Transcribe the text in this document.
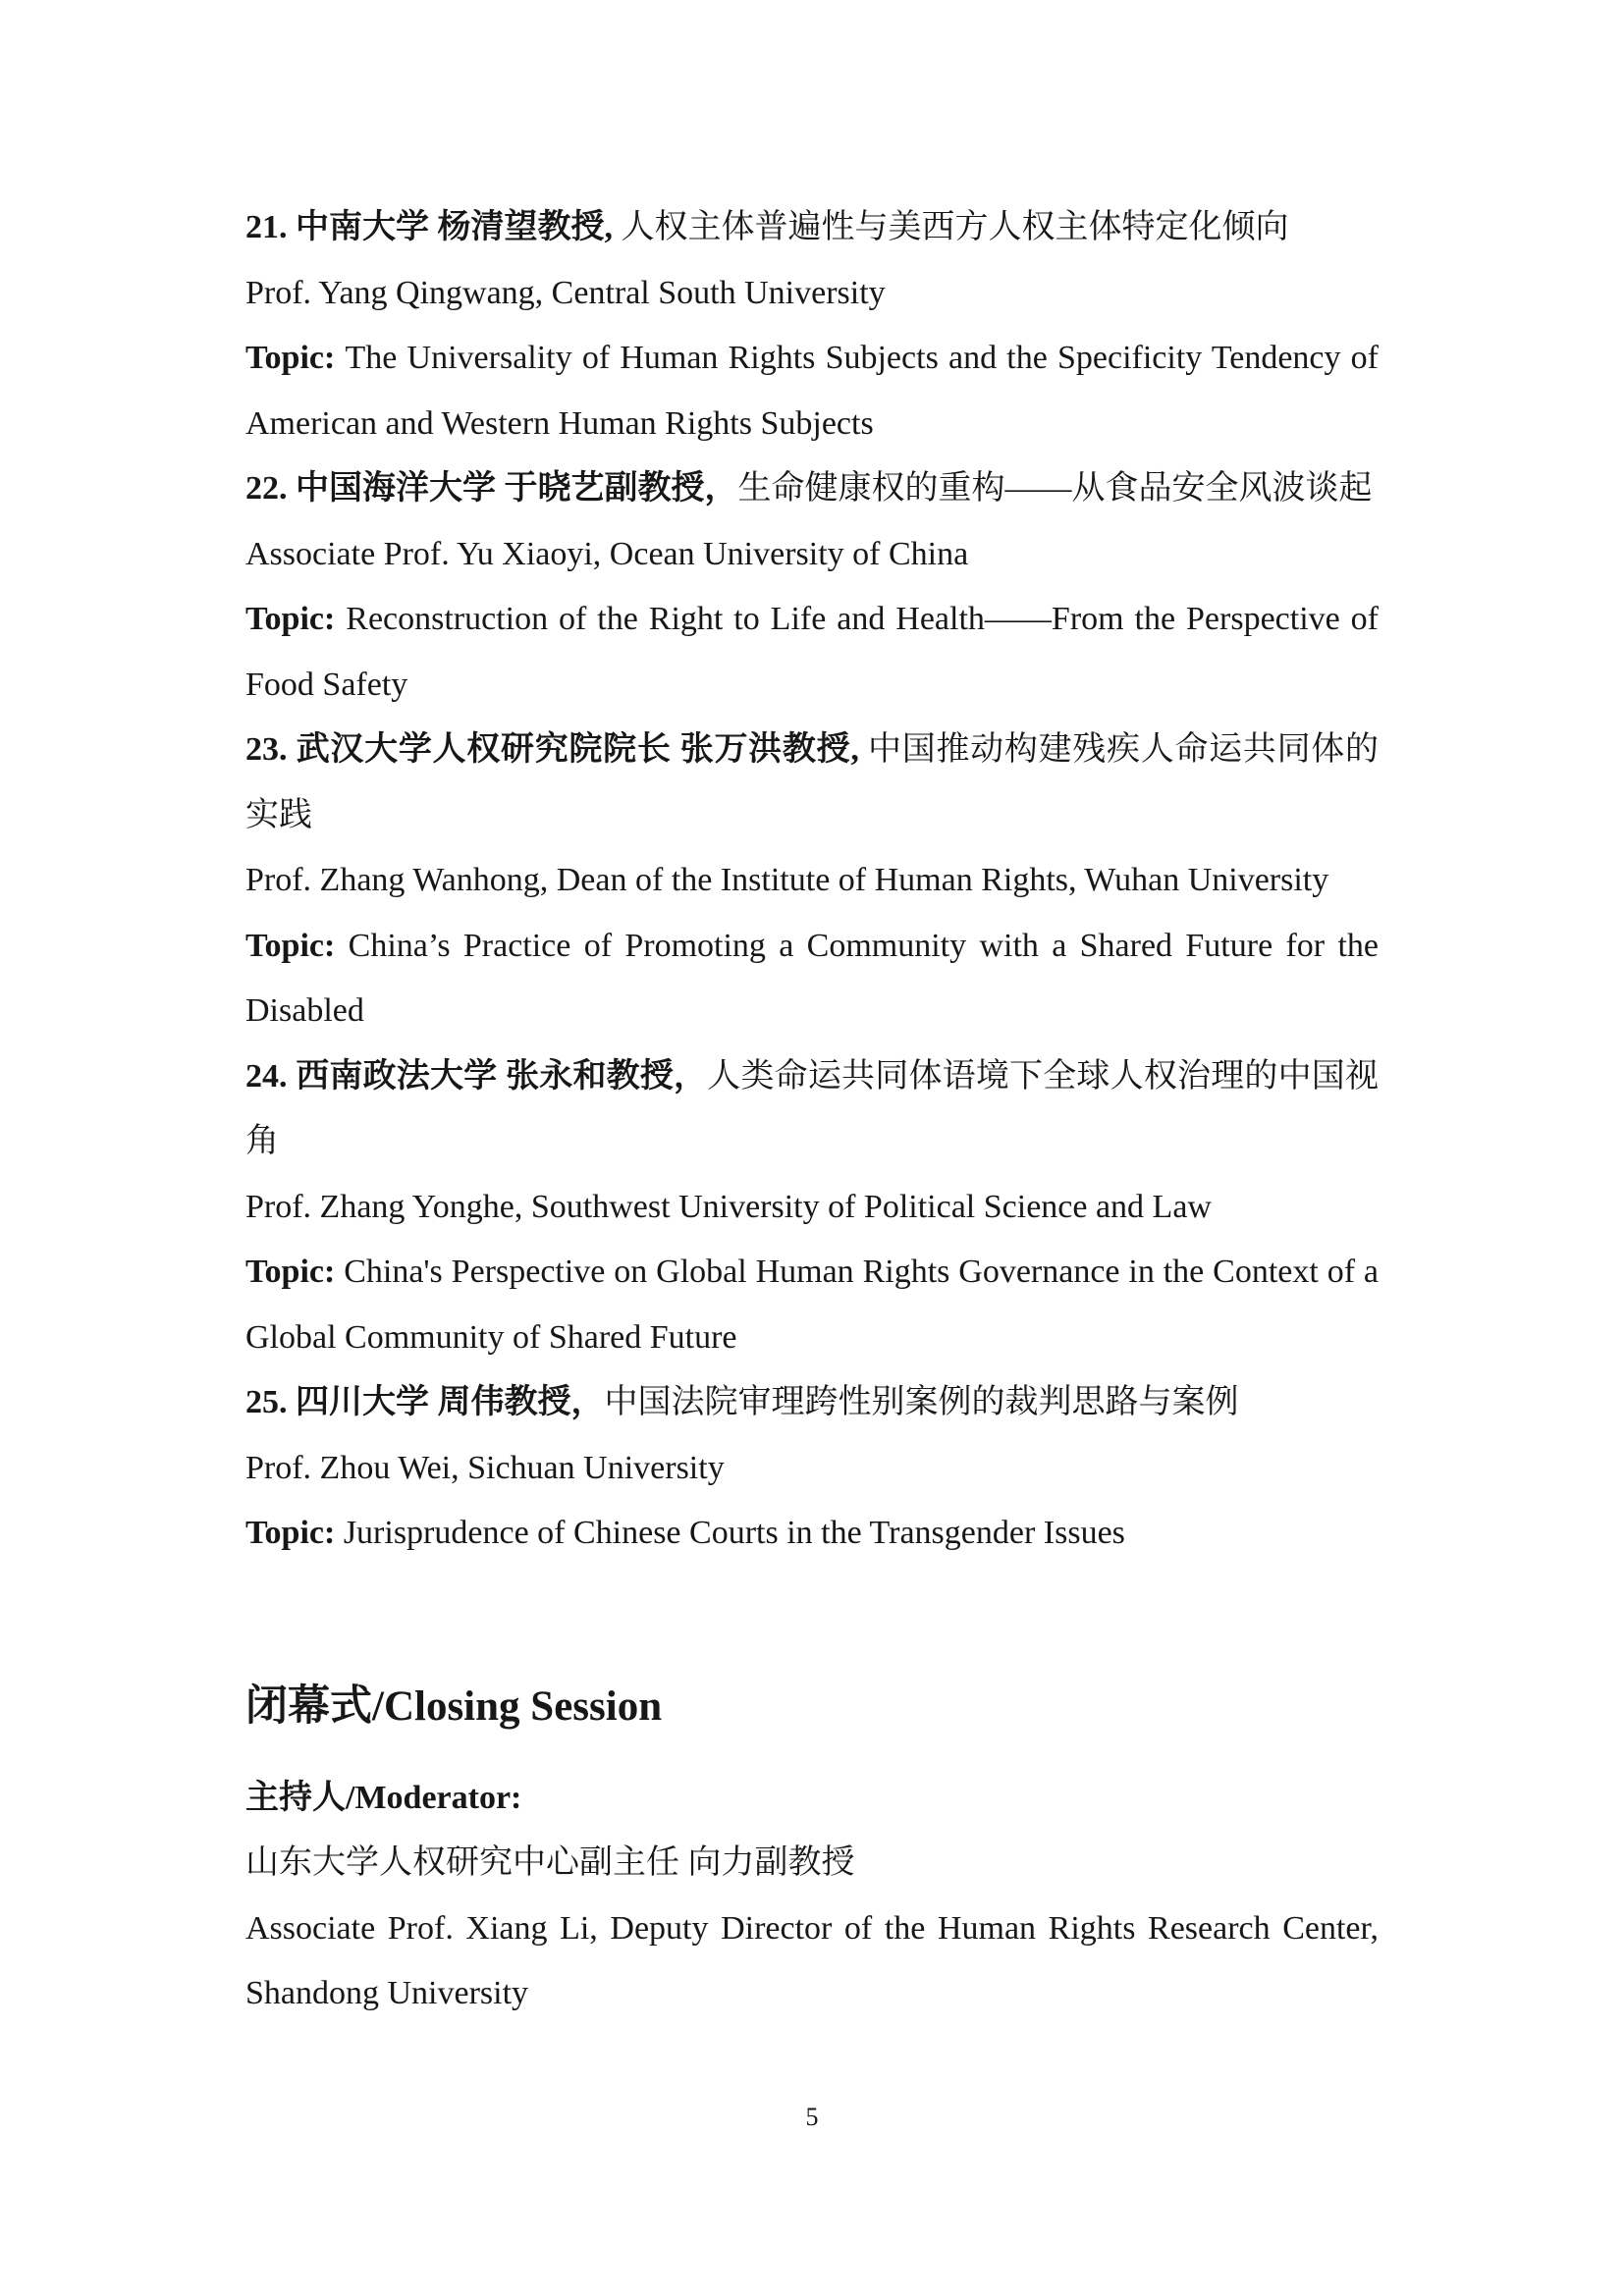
21. 中南大学 杨清望教授, 人权主体普遍性与美西方人权主体特定化倾向

Prof. Yang Qingwang, Central South University

Topic: The Universality of Human Rights Subjects and the Specificity Tendency of American and Western Human Rights Subjects

22. 中国海洋大学 于晓艺副教授，生命健康权的重构——从食品安全风波谈起

Associate Prof. Yu Xiaoyi, Ocean University of China

Topic: Reconstruction of the Right to Life and Health——From the Perspective of Food Safety

23. 武汉大学人权研究院院长 张万洪教授, 中国推动构建残疾人命运共同体的实践

Prof. Zhang Wanhong, Dean of the Institute of Human Rights, Wuhan University

Topic: China’s Practice of Promoting a Community with a Shared Future for the Disabled

24. 西南政法大学 张永和教授，人类命运共同体语境下全球人权治理的中国视角

Prof. Zhang Yonghe, Southwest University of Political Science and Law

Topic: China's Perspective on Global Human Rights Governance in the Context of a Global Community of Shared Future

25. 四川大学 周伟教授，中国法院审理跨性别案例的裁判思路与案例

Prof. Zhou Wei, Sichuan University

Topic: Jurisprudence of Chinese Courts in the Transgender Issues

闭幕式/Closing Session

主持人/Moderator:

山东大学人权研究中心副主任 向力副教授

Associate Prof. Xiang Li, Deputy Director of the Human Rights Research Center, Shandong University

5
